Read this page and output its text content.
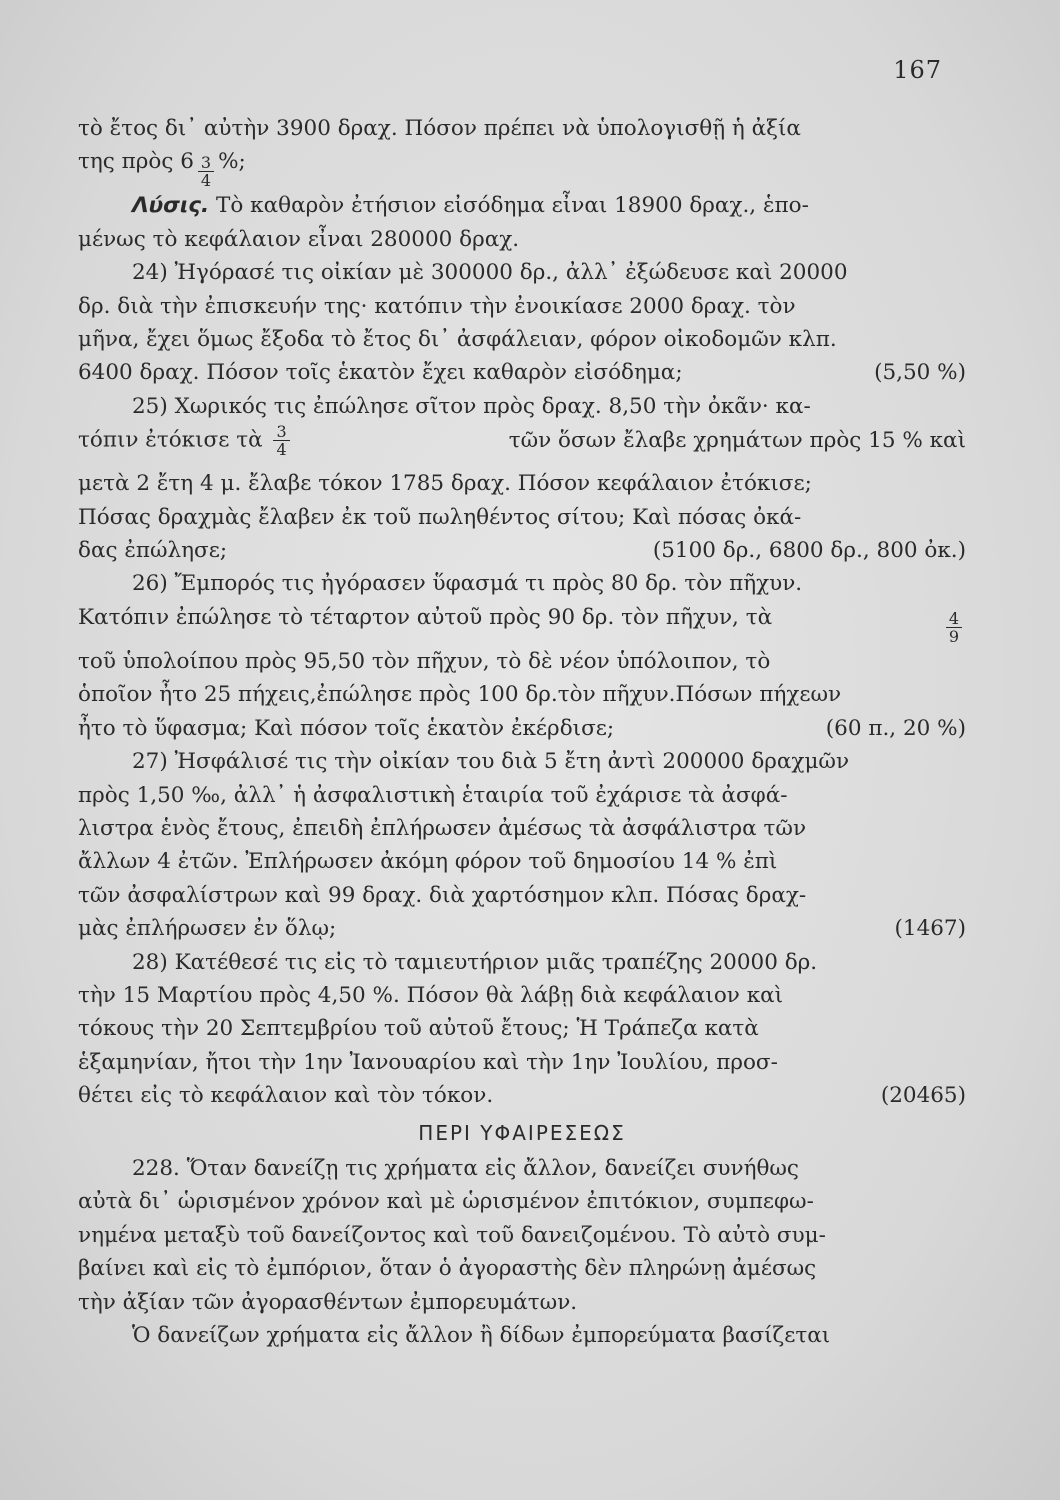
167
τὸ ἔτος δι᾽ αὐτὴν 3900 δραχ. Πόσον πρέπει νὰ ὑπολογισθῇ ἡ ἀξία
της πρὸς $6 \frac{3}{4}$ %;
Λύσις. Τὸ καθαρὸν ἐτήσιον εἰσόδημα εἶναι 18900 δραχ., ἑπο-
μένως τὸ κεφάλαιον εἶναι 280000 δραχ.
24) Ἠγόρασέ τις οἰκίαν μὲ 300000 δρ., ἀλλ᾽ ἐξώδευσε καὶ 20000
δρ. διὰ τὴν ἐπισκευήν της· κατόπιν τὴν ἐνοικίασε 2000 δραχ. τὸν
μῆνα, ἔχει ὅμως ἔξοδα τὸ ἔτος δι᾽ ἀσφάλειαν, φόρον οἰκοδομῶν κλπ.
6400 δραχ. Πόσον τοῖς ἑκατὸν ἔχει καθαρὸν εἰσόδημα;	(5,50 %)
25) Χωρικός τις ἐπώλησε σῖτον πρὸς δραχ. 8,50 τὴν ὀκᾶν· κα-
τόπιν ἐτόκισε τὰ $\frac{3}{4}$	τῶν ὅσων ἔλαβε χρημάτων πρὸς 15 % καὶ
μετὰ 2 ἔτη 4 μ. ἔλαβε τόκον 1785 δραχ. Πόσον κεφάλαιον ἐτόκισε;
Πόσας δραχμὰς ἔλαβεν ἐκ τοῦ πωληθέντος σίτου; Καὶ πόσας ὀκά-
δας ἐπώλησε;	(5100 δρ., 6800 δρ., 800 ὀκ.)
26) Ἔμπορός τις ἠγόρασεν ὕφασμά τι πρὸς 80 δρ. τὸν πῆχυν.
Κατόπιν ἐπώλησε τὸ τέταρτον αὐτοῦ πρὸς 90 δρ. τὸν πῆχυν, τὰ	$\frac{4}{9}$
τοῦ ὑπολοίπου πρὸς 95,50 τὸν πῆχυν, τὸ δὲ νέον ὑπόλοιπον, τὸ
ὁποῖον ἦτο 25 πήχεις,ἐπώλησε πρὸς 100 δρ.τὸν πῆχυν.Πόσων πήχεων
ἦτο τὸ ὕφασμα; Καὶ πόσον τοῖς ἑκατὸν ἐκέρδισε;	(60 π., 20 %)
27) Ἠσφάλισέ τις τὴν οἰκίαν του διὰ 5 ἔτη ἀντὶ 200000 δραχμῶν
πρὸς 1,50 ‰, ἀλλ᾽ ἡ ἀσφαλιστικὴ ἑταιρία τοῦ ἐχάρισε τὰ ἀσφά-
λιστρα ἑνὸς ἔτους, ἐπειδὴ ἐπλήρωσεν ἀμέσως τὰ ἀσφάλιστρα τῶν
ἄλλων 4 ἐτῶν. Ἐπλήρωσεν ἀκόμη φόρον τοῦ δημοσίου 14 % ἐπὶ
τῶν ἀσφαλίστρων καὶ 99 δραχ. διὰ χαρτόσημον κλπ. Πόσας δραχ-
μὰς ἐπλήρωσεν ἐν ὅλῳ;	(1467)
28) Κατέθεσέ τις εἰς τὸ ταμιευτήριον μιᾶς τραπέζης 20000 δρ.
τὴν 15 Μαρτίου πρὸς 4,50 %. Πόσον θὰ λάβῃ διὰ κεφάλαιον καὶ
τόκους τὴν 20 Σεπτεμβρίου τοῦ αὐτοῦ ἔτους; Ἡ Τράπεζα κατὰ
ἑξαμηνίαν, ἤτοι τὴν 1ην Ἰανουαρίου καὶ τὴν 1ην Ἰουλίου, προσ-
θέτει εἰς τὸ κεφάλαιον καὶ τὸν τόκον.	(20465)
ΠΕΡΙ ΥΦΑΙΡΕΣΕΩΣ
228. Ὅταν δανείζῃ τις χρήματα εἰς ἄλλον, δανείζει συνήθως
αὐτὰ δι᾽ ὡρισμένον χρόνον καὶ μὲ ὡρισμένον ἐπιτόκιον, συμπεφω-
νημένα μεταξὺ τοῦ δανείζοντος καὶ τοῦ δανειζομένου. Τὸ αὐτὸ συμ-
βαίνει καὶ εἰς τὸ ἐμπόριον, ὅταν ὁ ἀγοραστὴς δὲν πληρώνῃ ἀμέσως
τὴν ἀξίαν τῶν ἀγορασθέντων ἐμπορευμάτων.
Ὁ δανείζων χρήματα εἰς ἄλλον ἢ δίδων ἐμπορεύματα βασίζεται
